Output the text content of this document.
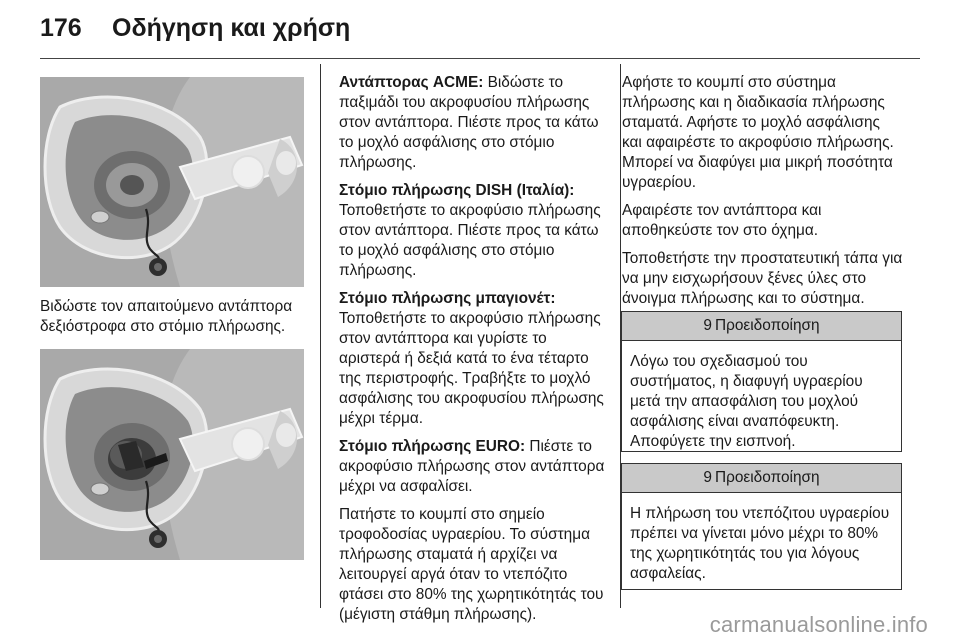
176 Οδήγηση και χρήση
Βιδώστε τον απαιτούμενο αντάπτορα δεξιόστροφα στο στόμιο πλήρωσης.

Αντάπτορας ACME: Βιδώστε το παξιμάδι του ακροφυσίου πλήρωσης στον αντάπτορα. Πιέστε προς τα κάτω το μοχλό ασφάλισης στο στόμιο πλήρωσης.

Στόμιο πλήρωσης DISH (Ιταλία): Τοποθετήστε το ακροφύσιο πλήρωσης στον αντάπτορα. Πιέστε προς τα κάτω το μοχλό ασφάλισης στο στόμιο πλήρωσης.

Στόμιο πλήρωσης μπαγιονέτ: Τοποθετήστε το ακροφύσιο πλήρωσης στον αντάπτορα και γυρίστε το αριστερά ή δεξιά κατά το ένα τέταρτο της περιστροφής. Τραβήξτε το μοχλό ασφάλισης του ακροφυσίου πλήρωσης μέχρι τέρμα.

Στόμιο πλήρωσης EURO: Πιέστε το ακροφύσιο πλήρωσης στον αντάπτορα μέχρι να ασφαλίσει.

Πατήστε το κουμπί στο σημείο τροφοδοσίας υγραερίου. Το σύστημα πλήρωσης σταματά ή αρχίζει να λειτουργεί αργά όταν το ντεπόζιτο φτάσει στο 80% της χωρητικότητάς του (μέγιστη στάθμη πλήρωσης).

Αφήστε το κουμπί στο σύστημα πλήρωσης και η διαδικασία πλήρωσης σταματά. Αφήστε το μοχλό ασφάλισης και αφαιρέστε το ακροφύσιο πλήρωσης. Μπορεί να διαφύγει μια μικρή ποσότητα υγραερίου.

Αφαιρέστε τον αντάπτορα και αποθηκεύστε τον στο όχημα.

Τοποθετήστε την προστατευτική τάπα για να μην εισχωρήσουν ξένες ύλες στο άνοιγμα πλήρωσης και το σύστημα.

9 Προειδοποίηση
Λόγω του σχεδιασμού του συστήματος, η διαφυγή υγραερίου μετά την απασφάλιση του μοχλού ασφάλισης είναι αναπόφευκτη. Αποφύγετε την εισπνοή.
9 Προειδοποίηση
Η πλήρωση του ντεπόζιτου υγραερίου πρέπει να γίνεται μόνο μέχρι το 80% της χωρητικότητάς του για λόγους ασφαλείας.
carmanualsonline.info
